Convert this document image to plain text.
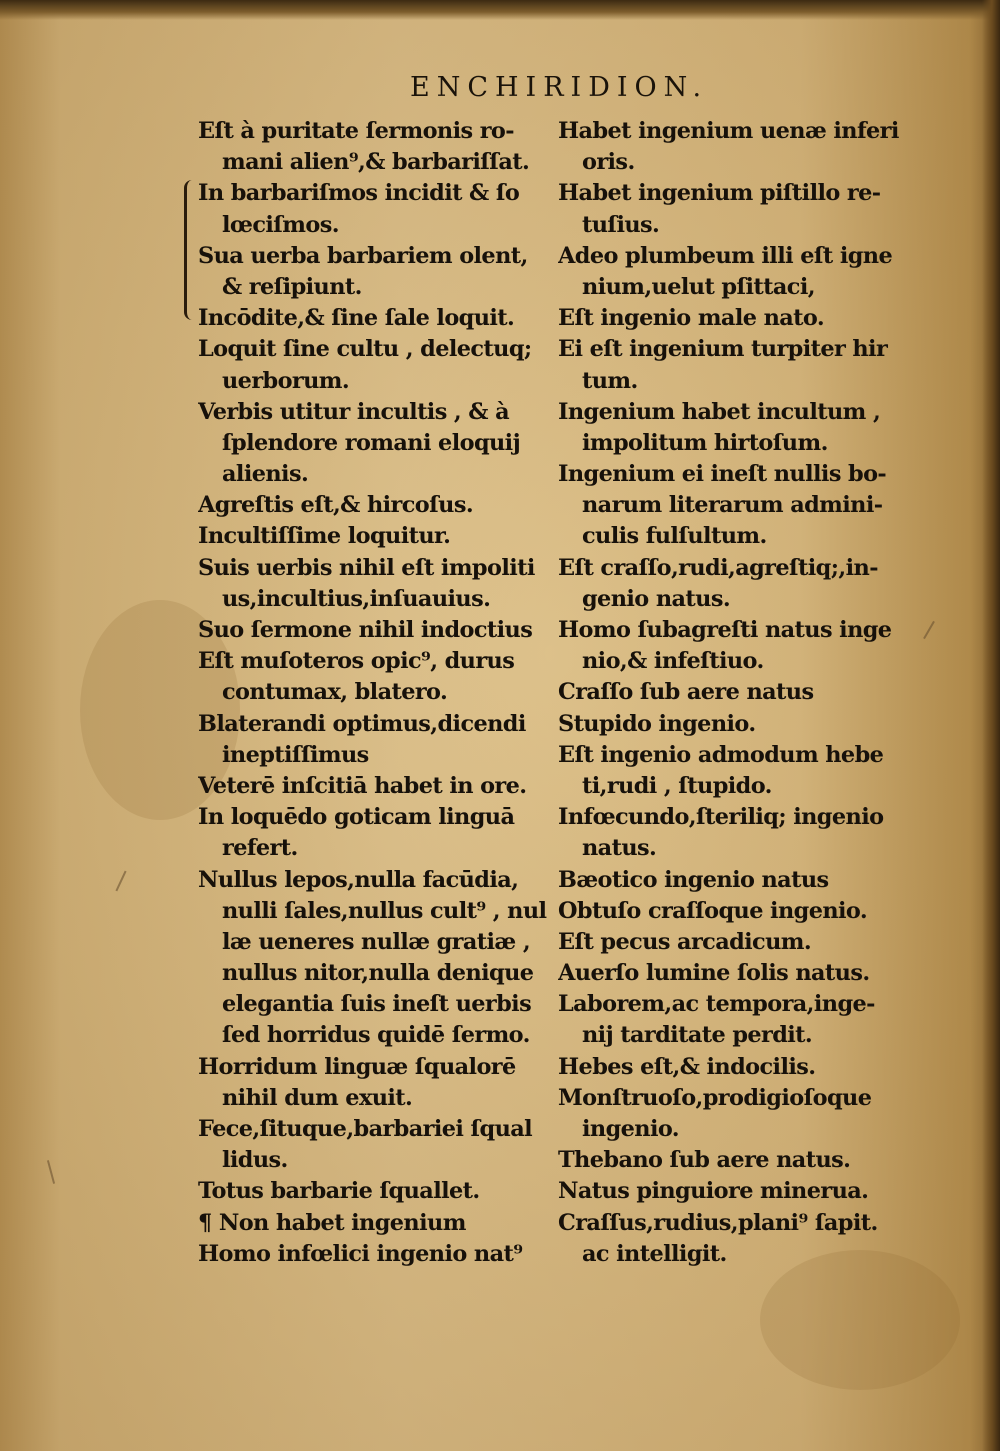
ENCHIRIDION.
Eſt à puritate ſermonis ro-
mani alien⁹,& barbariſſat.
In barbariſmos incidit & ſo
lœciſmos.
Sua uerba barbariem olent,
& reſipiunt.
Incōdite,& ſine ſale loquit.
Loquit ſine cultu , delectuq;
uerborum.
Verbis utitur incultis , & à
ſplendore romani eloquij
alienis.
Agreſtis eſt,& hircoſus.
Incultiſſime loquitur.
Suis uerbis nihil eſt impoliti
us,incultius,inſuauius.
Suo ſermone nihil indoctius
Eſt muſoteros opic⁹, durus
contumax, blatero.
Blaterandi optimus,dicendi
ineptiſſimus
Veterē inſcitiā habet in ore.
In loquēdo goticam linguā
refert.
Nullus lepos,nulla facūdia,
nulli ſales,nullus cult⁹ , nul
læ ueneres nullæ gratiæ ,
nullus nitor,nulla denique
elegantia ſuis ineſt uerbis
ſed horridus quidē ſermo.
Horridum linguæ ſqualorē
nihil dum exuit.
Fece,ſituque,barbariei ſqual
lidus.
Totus barbarie ſquallet.
¶ Non habet ingenium
Homo infœlici ingenio nat⁹
Habet ingenium uenæ inferi
oris.
Habet ingenium piſtillo re-
tuſius.
Adeo plumbeum illi eſt igne
nium,uelut pſittaci,
Eſt ingenio male nato.
Ei eſt ingenium turpiter hir
tum.
Ingenium habet incultum ,
impolitum hirtoſum.
Ingenium ei ineſt nullis bo-
narum literarum admini-
culis fulſultum.
Eſt craſſo,rudi,agreſtiq;,in-
genio natus.
Homo ſubagreſti natus inge
nio,& infeſtiuo.
Craſſo ſub aere natus
Stupido ingenio.
Eſt ingenio admodum hebe
ti,rudi , ſtupido.
Infœcundo,ſteriliq; ingenio
natus.
Bæotico ingenio natus
Obtuſo craſſoque ingenio.
Eſt pecus arcadicum.
Auerſo lumine ſolis natus.
Laborem,ac tempora,inge-
nij tarditate perdit.
Hebes eſt,& indocilis.
Monſtruoſo,prodigioſoque
ingenio.
Thebano ſub aere natus.
Natus pinguiore minerua.
Craſſus,rudius,plani⁹ ſapit.
ac intelligit.
